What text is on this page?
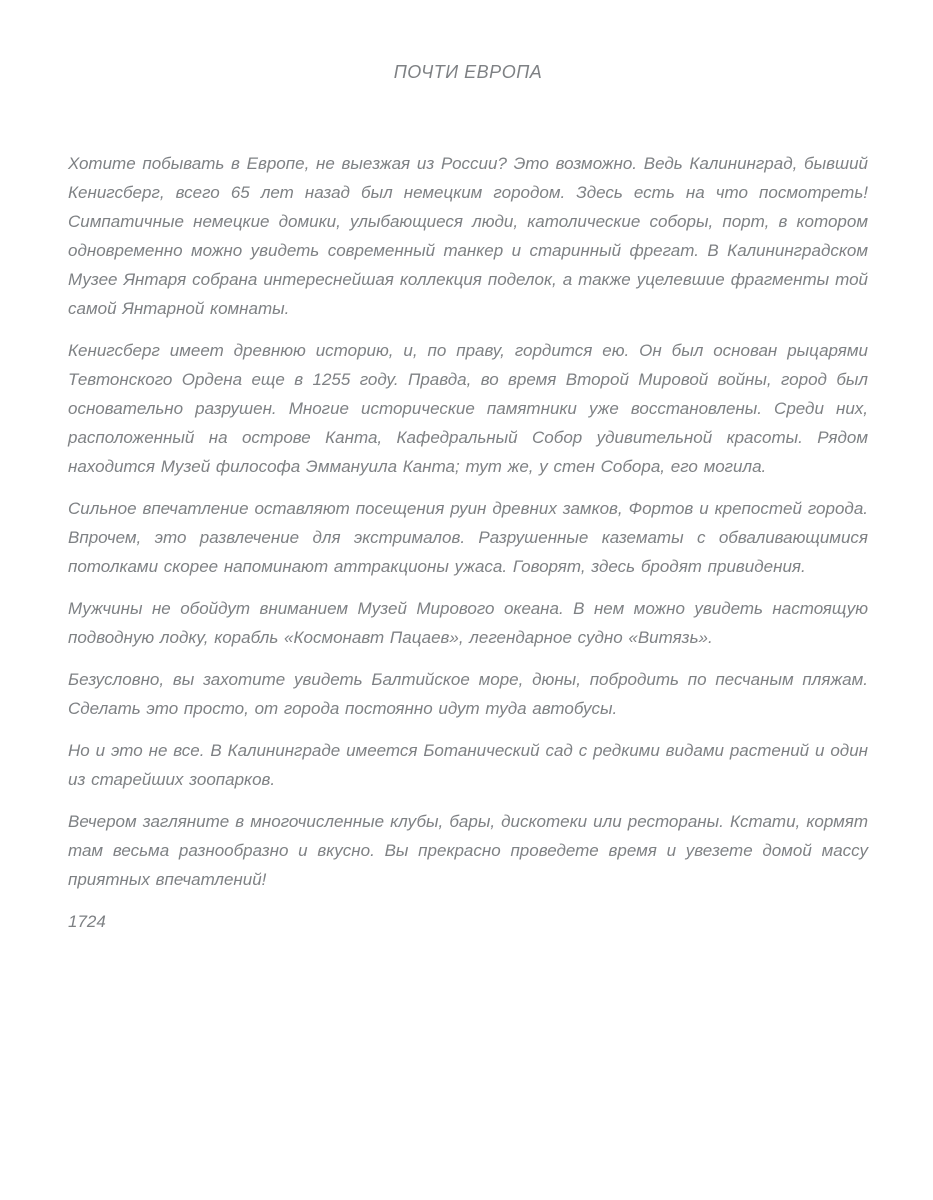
ПОЧТИ ЕВРОПА

Хотите побывать в Европе, не выезжая из России? Это возможно. Ведь Калининград, бывший Кенигсберг, всего 65 лет назад был немецким городом. Здесь есть на что посмотреть! Симпатичные немецкие домики, улыбающиеся люди, католические соборы, порт, в котором одновременно можно увидеть современный танкер и старинный фрегат. В Калининградском Музее Янтаря собрана интереснейшая коллекция поделок, а также уцелевшие фрагменты той самой Янтарной комнаты.

Кенигсберг имеет древнюю историю, и, по праву, гордится ею. Он был основан рыцарями Тевтонского Ордена еще в 1255 году. Правда, во время Второй Мировой войны, город был основательно разрушен. Многие исторические памятники уже восстановлены. Среди них, расположенный на острове Канта, Кафедральный Собор удивительной красоты. Рядом находится Музей философа Эммануила Канта; тут же, у стен Собора, его могила.

Сильное впечатление оставляют посещения руин древних замков, Фортов и крепостей города. Впрочем, это развлечение для экстрималов. Разрушенные казематы с обваливающимися потолками скорее напоминают аттракционы ужаса. Говорят, здесь бродят привидения.

Мужчины не обойдут вниманием Музей Мирового океана. В нем можно увидеть настоящую подводную лодку, корабль «Космонавт Пацаев», легендарное судно «Витязь».

Безусловно, вы захотите увидеть Балтийское море, дюны, побродить по песчаным пляжам. Сделать это просто, от города постоянно идут туда автобусы.

Но и это не все. В Калининграде имеется Ботанический сад с редкими видами растений и один из старейших зоопарков.

Вечером загляните в многочисленные клубы, бары, дискотеки или рестораны. Кстати, кормят там весьма разнообразно и вкусно. Вы прекрасно проведете время и увезете домой массу приятных впечатлений!

1724
